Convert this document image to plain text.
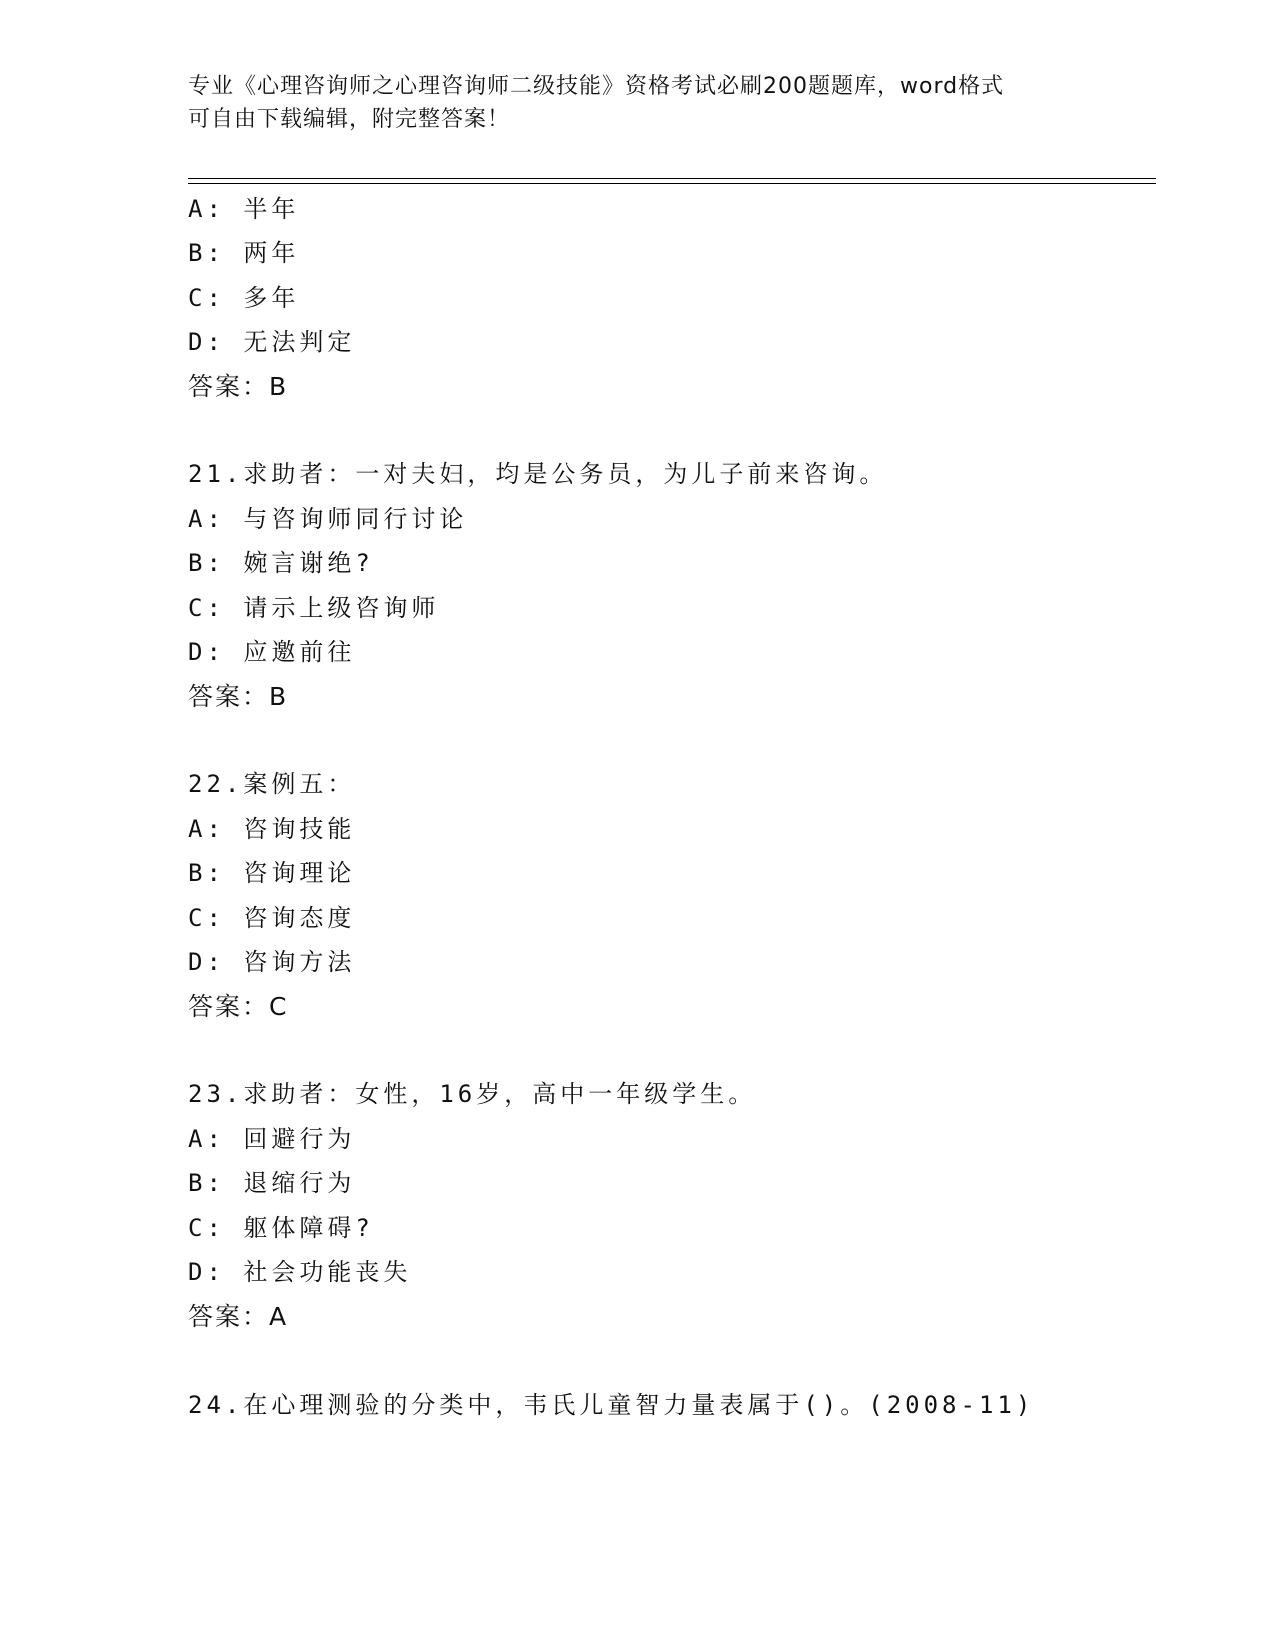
专业《心理咨询师之心理咨询师二级技能》资格考试必刷200题题库，word格式
可自由下载编辑，附完整答案！
A: 半年
B: 两年
C: 多年
D: 无法判定
答案：B
21.求助者：一对夫妇，均是公务员，为儿子前来咨询。
A: 与咨询师同行讨论
B: 婉言谢绝?
C: 请示上级咨询师
D: 应邀前往
答案：B
22.案例五：
A: 咨询技能
B: 咨询理论
C: 咨询态度
D: 咨询方法
答案：C
23.求助者：女性，16岁，高中一年级学生。
A: 回避行为
B: 退缩行为
C: 躯体障碍?
D: 社会功能丧失
答案：A
24.在心理测验的分类中，韦氏儿童智力量表属于()。(2008-11)
